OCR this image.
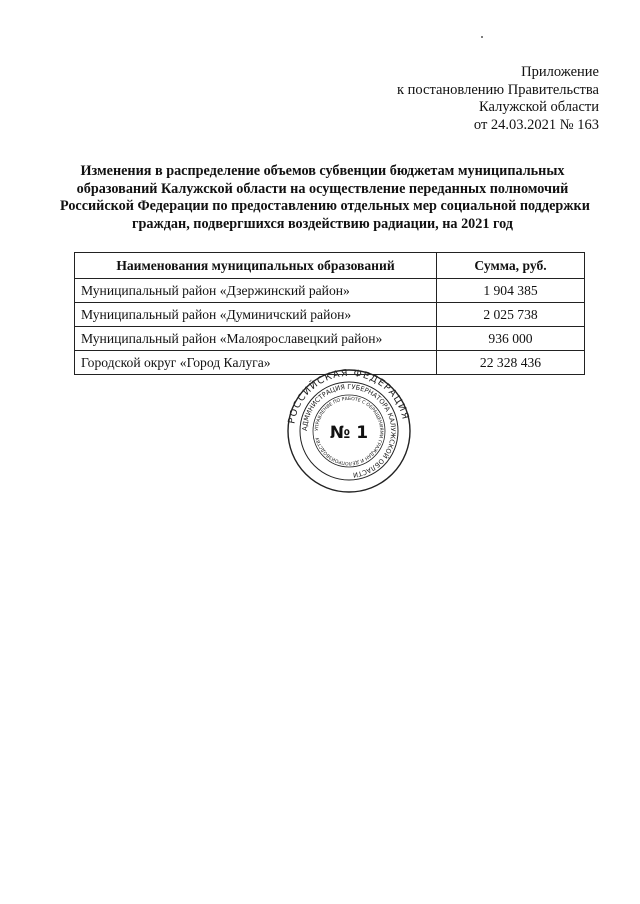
Приложение
к постановлению Правительства
Калужской области
от 24.03.2021 № 163
Изменения в распределение объемов субвенции бюджетам муниципальных
образований Калужской области на осуществление переданных полномочий
Российской Федерации по предоставлению отдельных мер социальной поддержки
граждан, подвергшихся воздействию радиации, на 2021 год
Наименования муниципальных образований	Сумма, руб.
Муниципальный район «Дзержинский район»	1 904 385
Муниципальный район «Думиничский район»	2 025 738
Муниципальный район «Малоярославецкий район»	936 000
Городской округ «Город Калуга»	22 328 436
РОССИЙСКАЯ ФЕДЕРАЦИЯ
АДМИНИСТРАЦИЯ ГУБЕРНАТОРА КАЛУЖСКОЙ ОБЛАСТИ
УПРАВЛЕНИЕ ПО РАБОТЕ С ОБРАЩЕНИЯМИ ГРАЖДАН И ДЕЛОПРОИЗВОДСТВУ № 1
